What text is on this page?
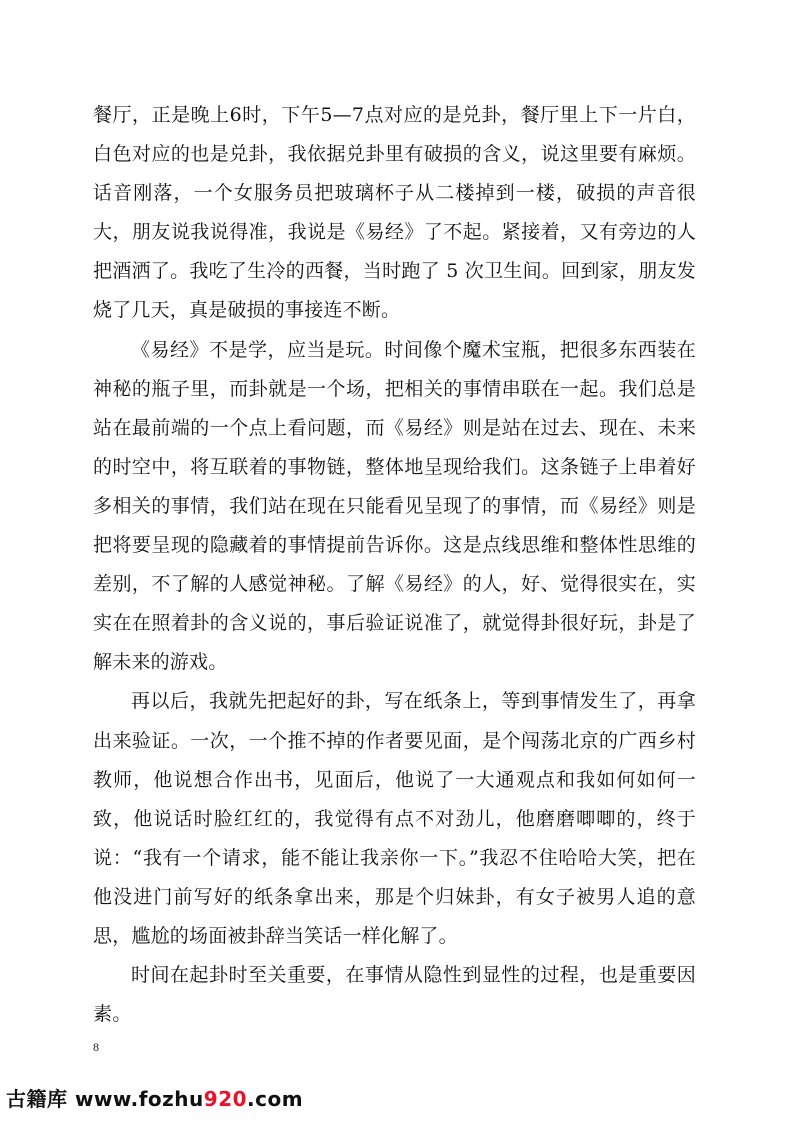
餐厅，正是晚上6时，下午5—7点对应的是兑卦，餐厅里上下一片白，白色对应的也是兑卦，我依据兑卦里有破损的含义，说这里要有麻烦。话音刚落，一个女服务员把玻璃杯子从二楼掉到一楼，破损的声音很大，朋友说我说得准，我说是《易经》了不起。紧接着，又有旁边的人把酒洒了。我吃了生冷的西餐，当时跑了 5 次卫生间。回到家，朋友发烧了几天，真是破损的事接连不断。

《易经》不是学，应当是玩。时间像个魔术宝瓶，把很多东西装在神秘的瓶子里，而卦就是一个场，把相关的事情串联在一起。我们总是站在最前端的一个点上看问题，而《易经》则是站在过去、现在、未来的时空中，将互联着的事物链，整体地呈现给我们。这条链子上串着好多相关的事情，我们站在现在只能看见呈现了的事情，而《易经》则是把将要呈现的隐藏着的事情提前告诉你。这是点线思维和整体性思维的差别，不了解的人感觉神秘。了解《易经》的人，好、觉得很实在，实实在在照着卦的含义说的，事后验证说准了，就觉得卦很好玩，卦是了解未来的游戏。

再以后，我就先把起好的卦，写在纸条上，等到事情发生了，再拿出来验证。一次，一个推不掉的作者要见面，是个闯荡北京的广西乡村教师，他说想合作出书，见面后，他说了一大通观点和我如何如何一致，他说话时脸红红的，我觉得有点不对劲儿，他磨磨唧唧的，终于说：“我有一个请求，能不能让我亲你一下。”我忍不住哈哈大笑，把在他没进门前写好的纸条拿出来，那是个归妹卦，有女子被男人追的意思，尴尬的场面被卦辞当笑话一样化解了。

时间在起卦时至关重要，在事情从隐性到显性的过程，也是重要因素。

8
古籍库 www.fozhu920.com
